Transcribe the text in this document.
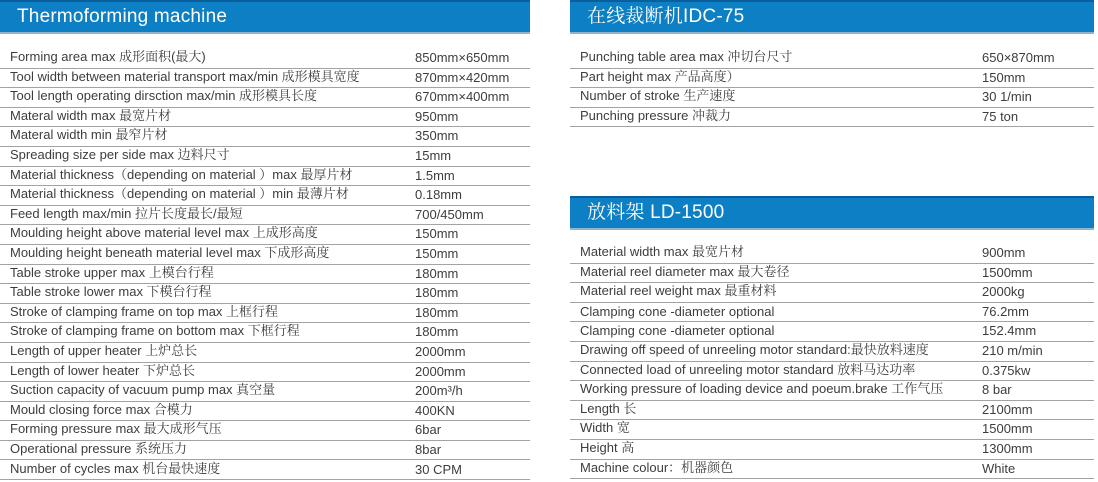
Thermoforming machine
Forming area max 成形面积(最大)	850mm×650mm
Tool width between material transport max/min 成形模具宽度	870mm×420mm
Tool length operating dirsction max/min 成形模具长度	670mm×400mm
Materal width max 最宽片材	950mm
Materal width min 最窄片材	350mm
Spreading size per side max 边料尺寸	15mm
Material thickness（depending on material ）max 最厚片材	1.5mm
Material thickness（depending on material ）min 最薄片材	0.18mm
Feed length max/min 拉片长度最长/最短	700/450mm
Moulding height above material level max 上成形高度	150mm
Moulding height beneath material level max 下成形高度	150mm
Table stroke upper max 上模台行程	180mm
Table stroke lower max 下模台行程	180mm
Stroke of clamping frame on top max 上框行程	180mm
Stroke of clamping frame on bottom max 下框行程	180mm
Length of upper heater 上炉总长	2000mm
Length of lower heater 下炉总长	2000mm
Suction capacity of vacuum pump max 真空量	200m³/h
Mould closing force max 合模力	400KN
Forming pressure max 最大成形气压	6bar
Operational pressure 系统压力	8bar
Number of cycles max 机台最快速度	30 CPM
在线裁断机IDC-75
Punching table area max 冲切台尺寸	650×870mm
Part height max 产品高度）	150mm
Number of stroke 生产速度	30 1/min
Punching pressure 冲裁力	75 ton
放料架 LD-1500
Material width max 最宽片材	900mm
Material reel diameter max 最大卷径	1500mm
Material reel weight max 最重材料	2000kg
Clamping cone -diameter optional	76.2mm
Clamping cone -diameter optional	152.4mm
Drawing off speed of unreeling motor standard:最快放料速度	210 m/min
Connected load of unreeling motor standard 放料马达功率	0.375kw
Working pressure of loading device and poeum.brake 工作气压	8 bar
Length 长	2100mm
Width 宽	1500mm
Height 高	1300mm
Machine colour：机器颜色	White
